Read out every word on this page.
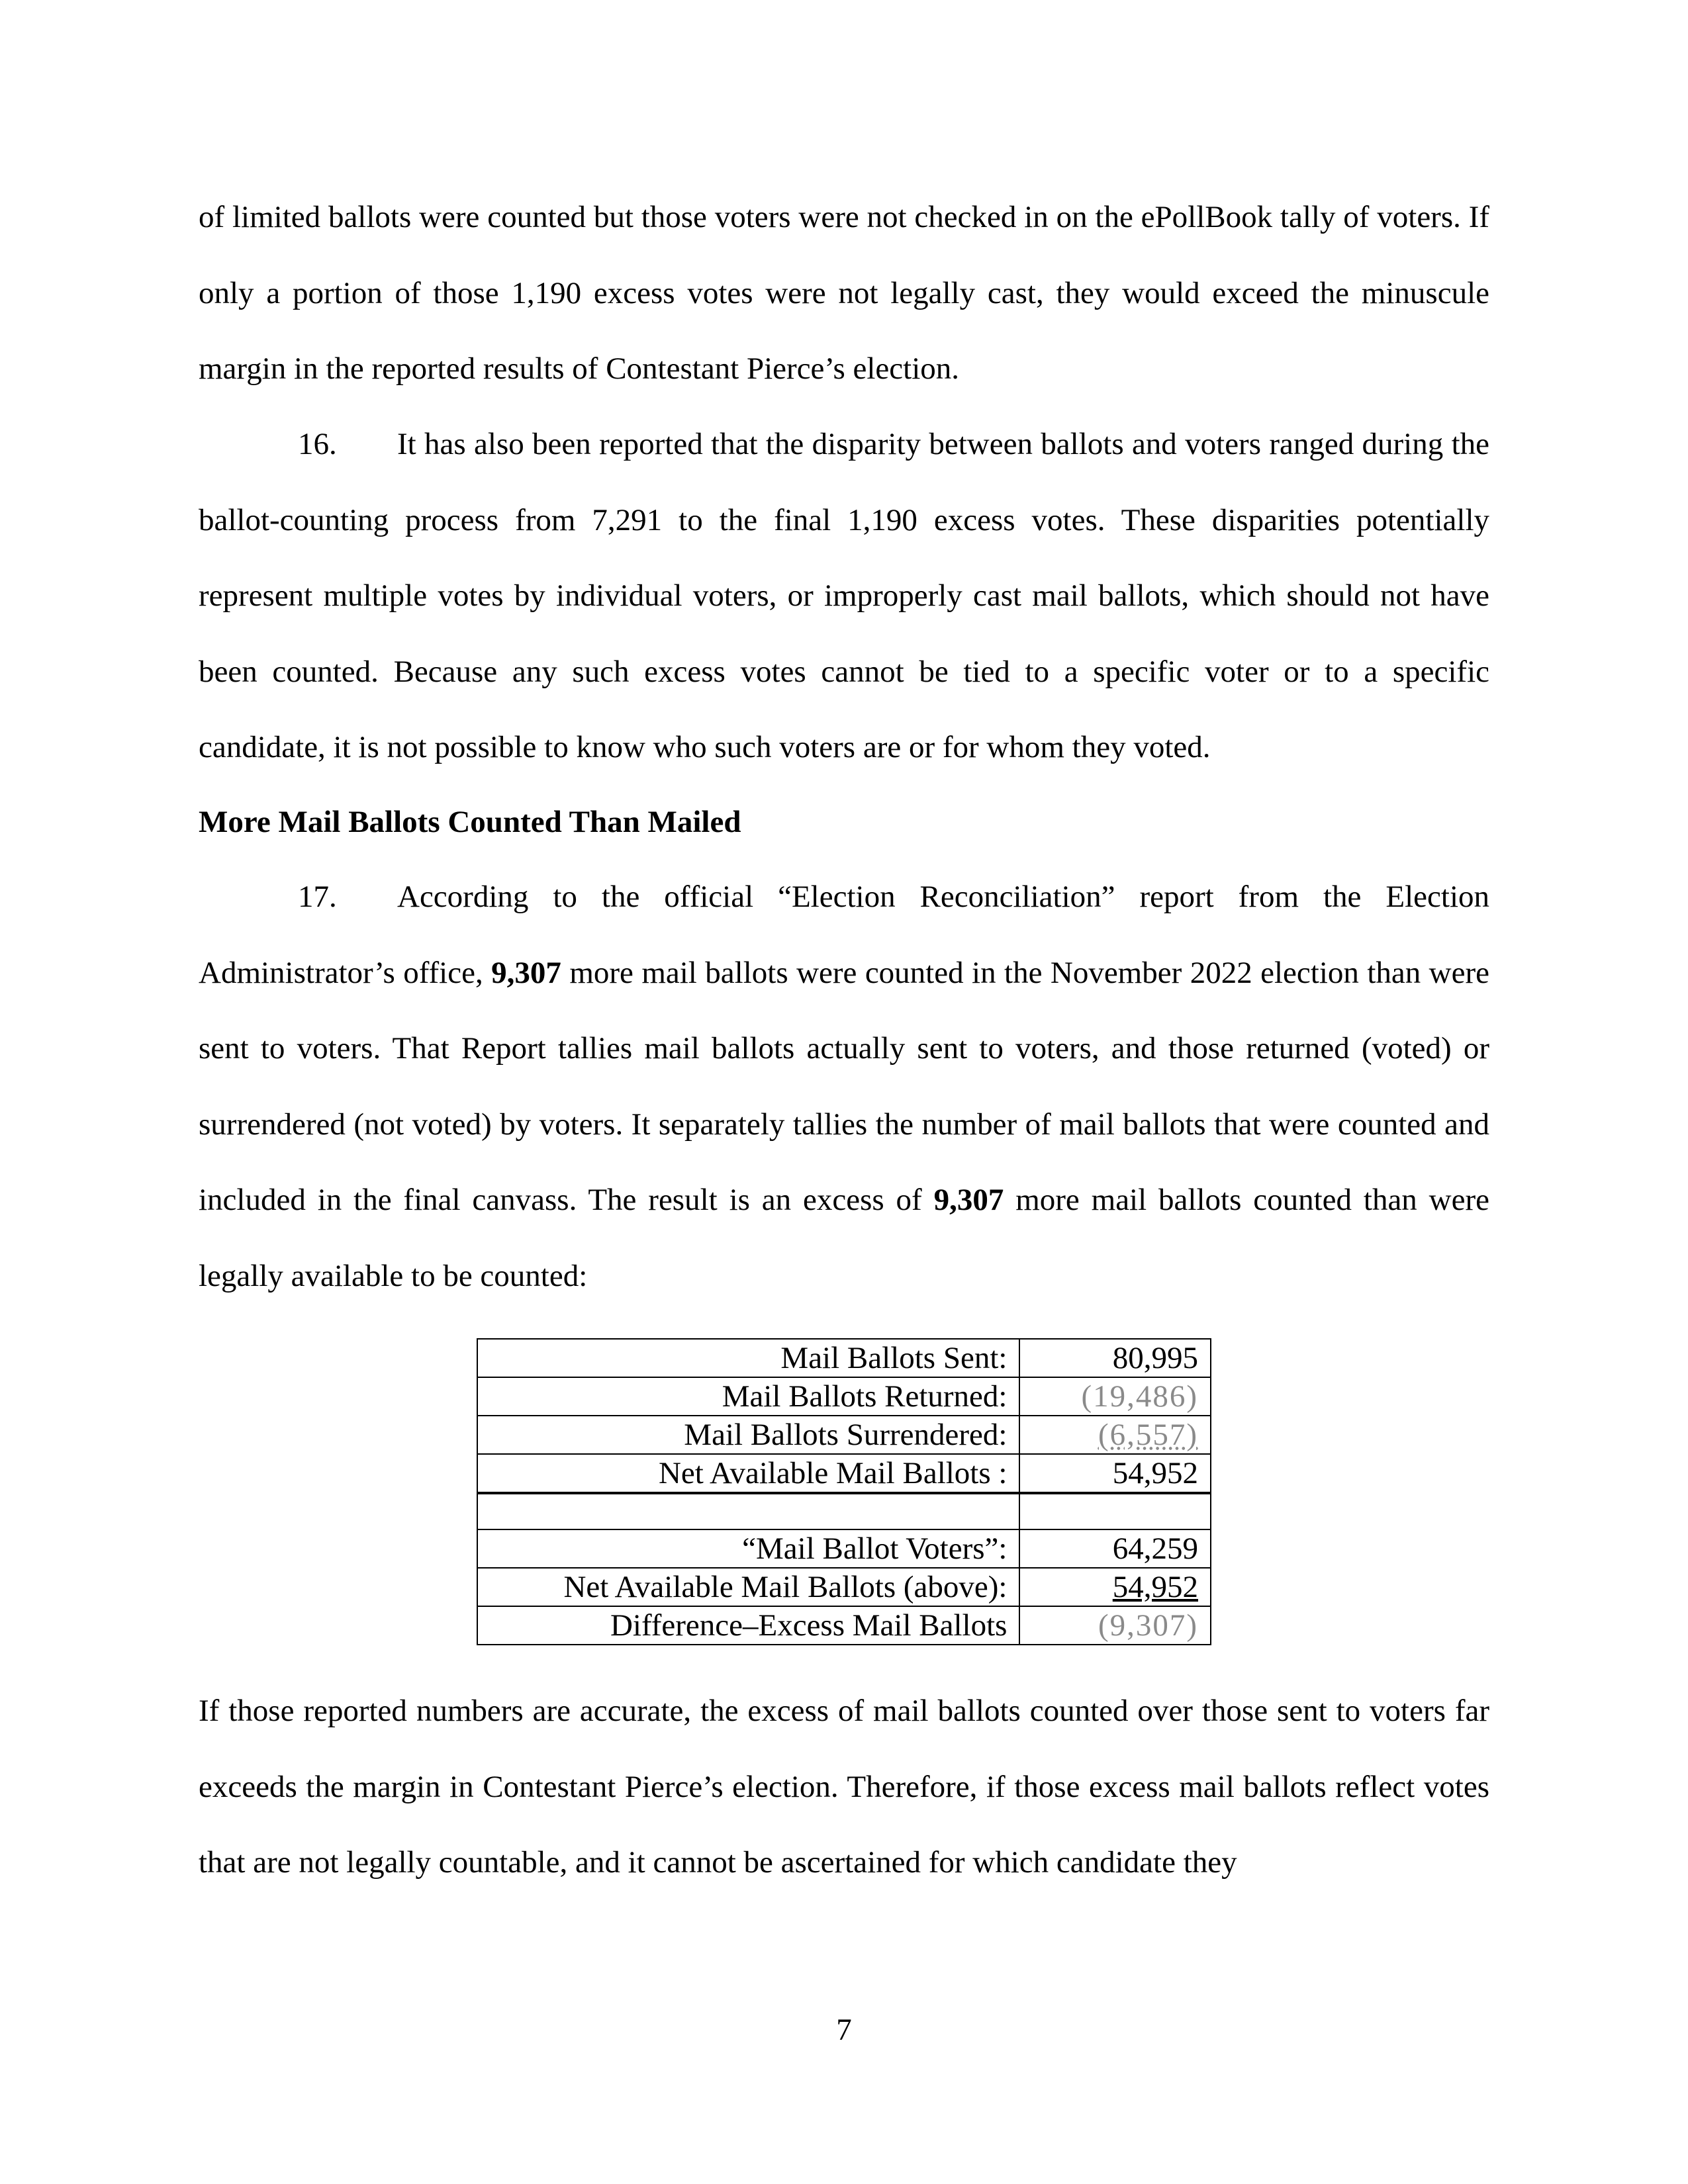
of limited ballots were counted but those voters were not checked in on the ePollBook tally of voters. If only a portion of those 1,190 excess votes were not legally cast, they would exceed the minuscule margin in the reported results of Contestant Pierce’s election.

16. It has also been reported that the disparity between ballots and voters ranged during the ballot-counting process from 7,291 to the final 1,190 excess votes. These disparities potentially represent multiple votes by individual voters, or improperly cast mail ballots, which should not have been counted. Because any such excess votes cannot be tied to a specific voter or to a specific candidate, it is not possible to know who such voters are or for whom they voted.

More Mail Ballots Counted Than Mailed

17. According to the official “Election Reconciliation” report from the Election Administrator’s office, 9,307 more mail ballots were counted in the November 2022 election than were sent to voters. That Report tallies mail ballots actually sent to voters, and those returned (voted) or surrendered (not voted) by voters. It separately tallies the number of mail ballots that were counted and included in the final canvass. The result is an excess of 9,307 more mail ballots counted than were legally available to be counted:

Mail Ballots Sent:	80,995
Mail Ballots Returned:	(19,486)
Mail Ballots Surrendered:	(6,557)
Net Available Mail Ballots :	54,952

“Mail Ballot Voters”:	64,259
Net Available Mail Ballots (above):	54,952
Difference–Excess Mail Ballots	(9,307)

If those reported numbers are accurate, the excess of mail ballots counted over those sent to voters far exceeds the margin in Contestant Pierce’s election. Therefore, if those excess mail ballots reflect votes that are not legally countable, and it cannot be ascertained for which candidate they

7
